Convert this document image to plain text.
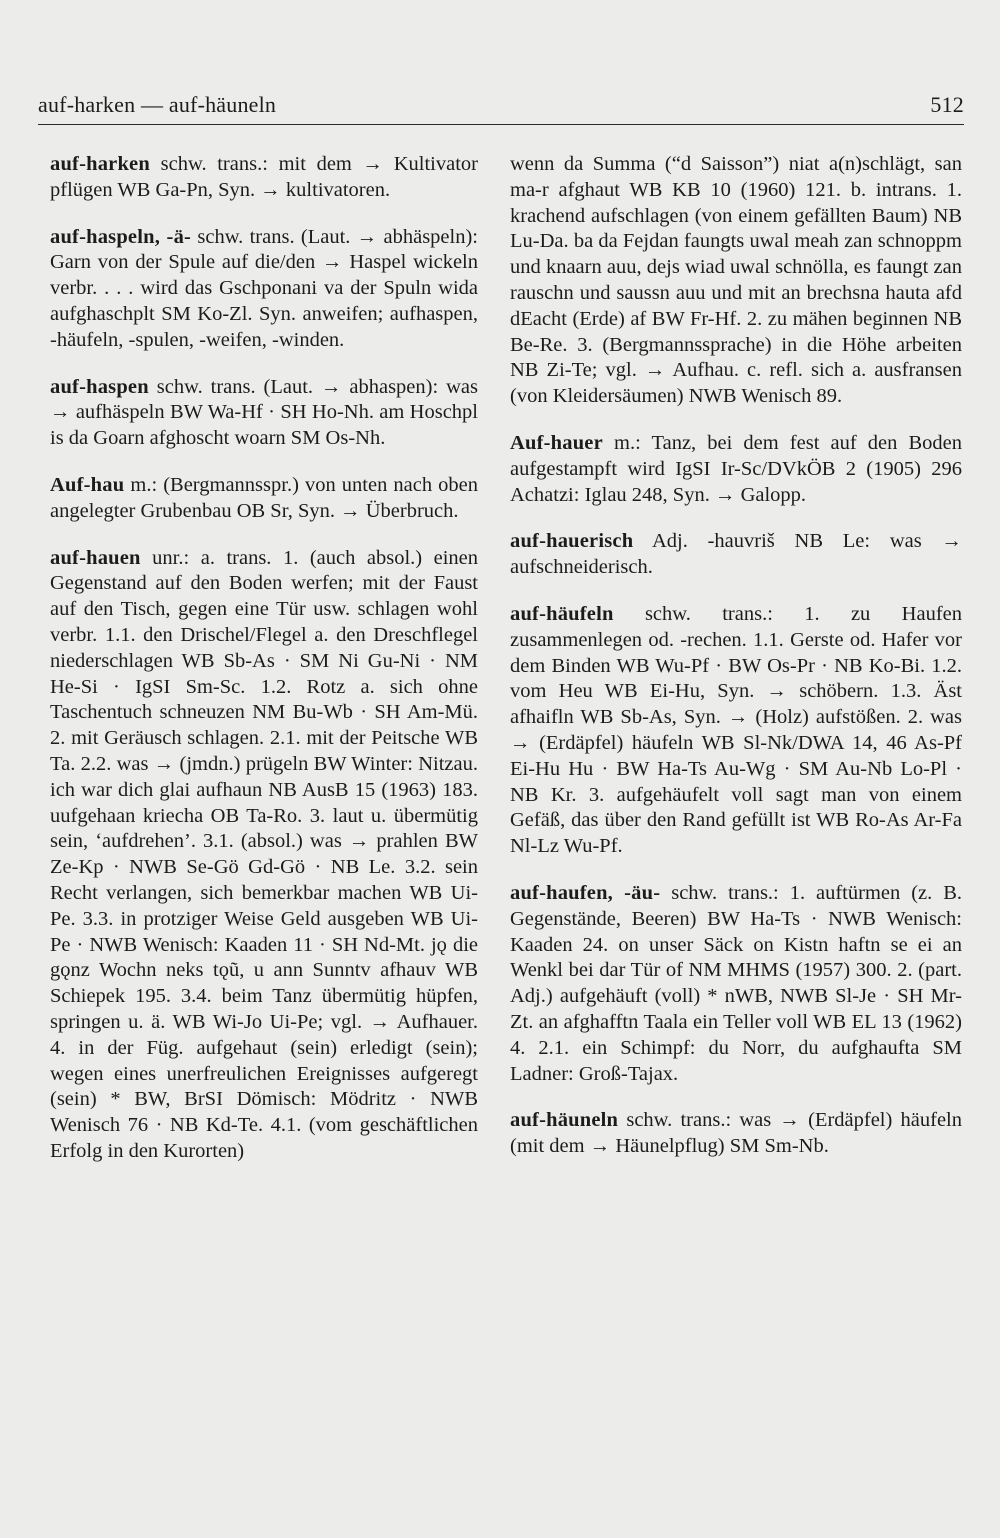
auf-harken — auf-häuneln	512

auf-harken schw. trans.: mit dem → Kultivator pflügen WB Ga-Pn, Syn. → kultivatoren.

auf-haspeln, -ä- schw. trans. (Laut. → abhäspeln): Garn von der Spule auf die/den → Haspel wickeln verbr. . . . wird das Gschponani va der Spuln wida aufghaschplt SM Ko-Zl. Syn. anweifen; aufhaspen, -häufeln, -spulen, -weifen, -winden.

auf-haspen schw. trans. (Laut. → abhaspen): was → aufhäspeln BW Wa-Hf · SH Ho-Nh. am Hoschpl is da Goarn afghoscht woarn SM Os-Nh.

Auf-hau m.: (Bergmannsspr.) von unten nach oben angelegter Grubenbau OB Sr, Syn. → Überbruch.

auf-hauen unr.: a. trans. 1. (auch absol.) einen Gegenstand auf den Boden werfen; mit der Faust auf den Tisch, gegen eine Tür usw. schlagen wohl verbr. 1.1. den Drischel/Flegel a. den Dreschflegel niederschlagen WB Sb-As · SM Ni Gu-Ni · NM He-Si · IgSI Sm-Sc. 1.2. Rotz a. sich ohne Taschentuch schneuzen NM Bu-Wb · SH Am-Mü. 2. mit Geräusch schlagen. 2.1. mit der Peitsche WB Ta. 2.2. was → (jmdn.) prügeln BW Winter: Nitzau. ich war dich glai aufhaun NB AusB 15 (1963) 183. uufgehaan kriecha OB Ta-Ro. 3. laut u. übermütig sein, ‘aufdrehen’. 3.1. (absol.) was → prahlen BW Ze-Kp · NWB Se-Gö Gd-Gö · NB Le. 3.2. sein Recht verlangen, sich bemerkbar machen WB Ui-Pe. 3.3. in protziger Weise Geld ausgeben WB Ui-Pe · NWB Wenisch: Kaaden 11 · SH Nd-Mt. jǫ die gǫnz Wochn neks tǫũ, u ann Sunntv afhauv WB Schiepek 195. 3.4. beim Tanz übermütig hüpfen, springen u. ä. WB Wi-Jo Ui-Pe; vgl. → Aufhauer. 4. in der Füg. aufgehaut (sein) erledigt (sein); wegen eines unerfreulichen Ereignisses aufgeregt (sein) * BW, BrSI Dömisch: Mödritz · NWB Wenisch 76 · NB Kd-Te. 4.1. (vom geschäftlichen Erfolg in den Kurorten)

wenn da Summa (“d Saisson”) niat a(n)schlägt, san ma-r afghaut WB KB 10 (1960) 121. b. intrans. 1. krachend aufschlagen (von einem gefällten Baum) NB Lu-Da. ba da Fejdan faungts uwal meah zan schnoppm und knaarn auu, dejs wiad uwal schnölla, es faungt zan rauschn und saussn auu und mit an brechsna hauta afd dEacht (Erde) af BW Fr-Hf. 2. zu mähen beginnen NB Be-Re. 3. (Bergmannssprache) in die Höhe arbeiten NB Zi-Te; vgl. → Aufhau. c. refl. sich a. ausfransen (von Kleidersäumen) NWB Wenisch 89.

Auf-hauer m.: Tanz, bei dem fest auf den Boden aufgestampft wird IgSI Ir-Sc/DVkÖB 2 (1905) 296 Achatzi: Iglau 248, Syn. → Galopp.

auf-hauerisch Adj. -hauvriš NB Le: was → aufschneiderisch.

auf-häufeln schw. trans.: 1. zu Haufen zusammenlegen od. -rechen. 1.1. Gerste od. Hafer vor dem Binden WB Wu-Pf · BW Os-Pr · NB Ko-Bi. 1.2. vom Heu WB Ei-Hu, Syn. → schöbern. 1.3. Äst afhaifln WB Sb-As, Syn. → (Holz) aufstößen. 2. was → (Erdäpfel) häufeln WB Sl-Nk/DWA 14, 46 As-Pf Ei-Hu Hu · BW Ha-Ts Au-Wg · SM Au-Nb Lo-Pl · NB Kr. 3. aufgehäufelt voll sagt man von einem Gefäß, das über den Rand gefüllt ist WB Ro-As Ar-Fa Nl-Lz Wu-Pf.

auf-haufen, -äu- schw. trans.: 1. auftürmen (z. B. Gegenstände, Beeren) BW Ha-Ts · NWB Wenisch: Kaaden 24. on unser Säck on Kistn haftn se ei an Wenkl bei dar Tür of NM MHMS (1957) 300. 2. (part. Adj.) aufgehäuft (voll) * nWB, NWB Sl-Je · SH Mr-Zt. an afghafftn Taala ein Teller voll WB EL 13 (1962) 4. 2.1. ein Schimpf: du Norr, du aufghaufta SM Ladner: Groß-Tajax.

auf-häuneln schw. trans.: was → (Erdäpfel) häufeln (mit dem → Häunelpflug) SM Sm-Nb.
